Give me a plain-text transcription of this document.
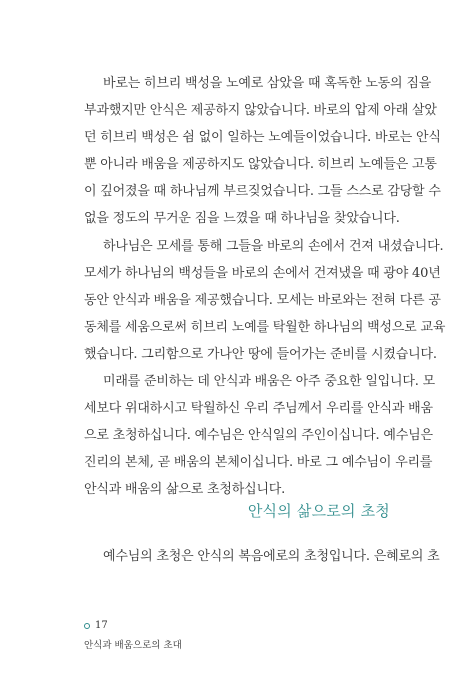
바로는 히브리 백성을 노예로 삼았을 때 혹독한 노동의 짐을

부과했지만 안식은 제공하지 않았습니다. 바로의 압제 아래 살았

던 히브리 백성은 쉼 없이 일하는 노예들이었습니다. 바로는 안식

뿐 아니라 배움을 제공하지도 않았습니다. 히브리 노예들은 고통

이 깊어졌을 때 하나님께 부르짖었습니다. 그들 스스로 감당할 수

없을 정도의 무거운 짐을 느꼈을 때 하나님을 찾았습니다.

하나님은 모세를 통해 그들을 바로의 손에서 건져 내셨습니다.

모세가 하나님의 백성들을 바로의 손에서 건져냈을 때 광야 40년

동안 안식과 배움을 제공했습니다. 모세는 바로와는 전혀 다른 공

동체를 세움으로써 히브리 노예를 탁월한 하나님의 백성으로 교육

했습니다. 그리함으로 가나안 땅에 들어가는 준비를 시켰습니다.

미래를 준비하는 데 안식과 배움은 아주 중요한 일입니다. 모

세보다 위대하시고 탁월하신 우리 주님께서 우리를 안식과 배움

으로 초청하십니다. 예수님은 안식일의 주인이십니다. 예수님은

진리의 본체, 곧 배움의 본체이십니다. 바로 그 예수님이 우리를

안식과 배움의 삶으로 초청하십니다.

안식의 삶으로의 초청

예수님의 초청은 안식의 복음에로의 초청입니다. 은혜로의 초

17
안식과 배움으로의 초대
